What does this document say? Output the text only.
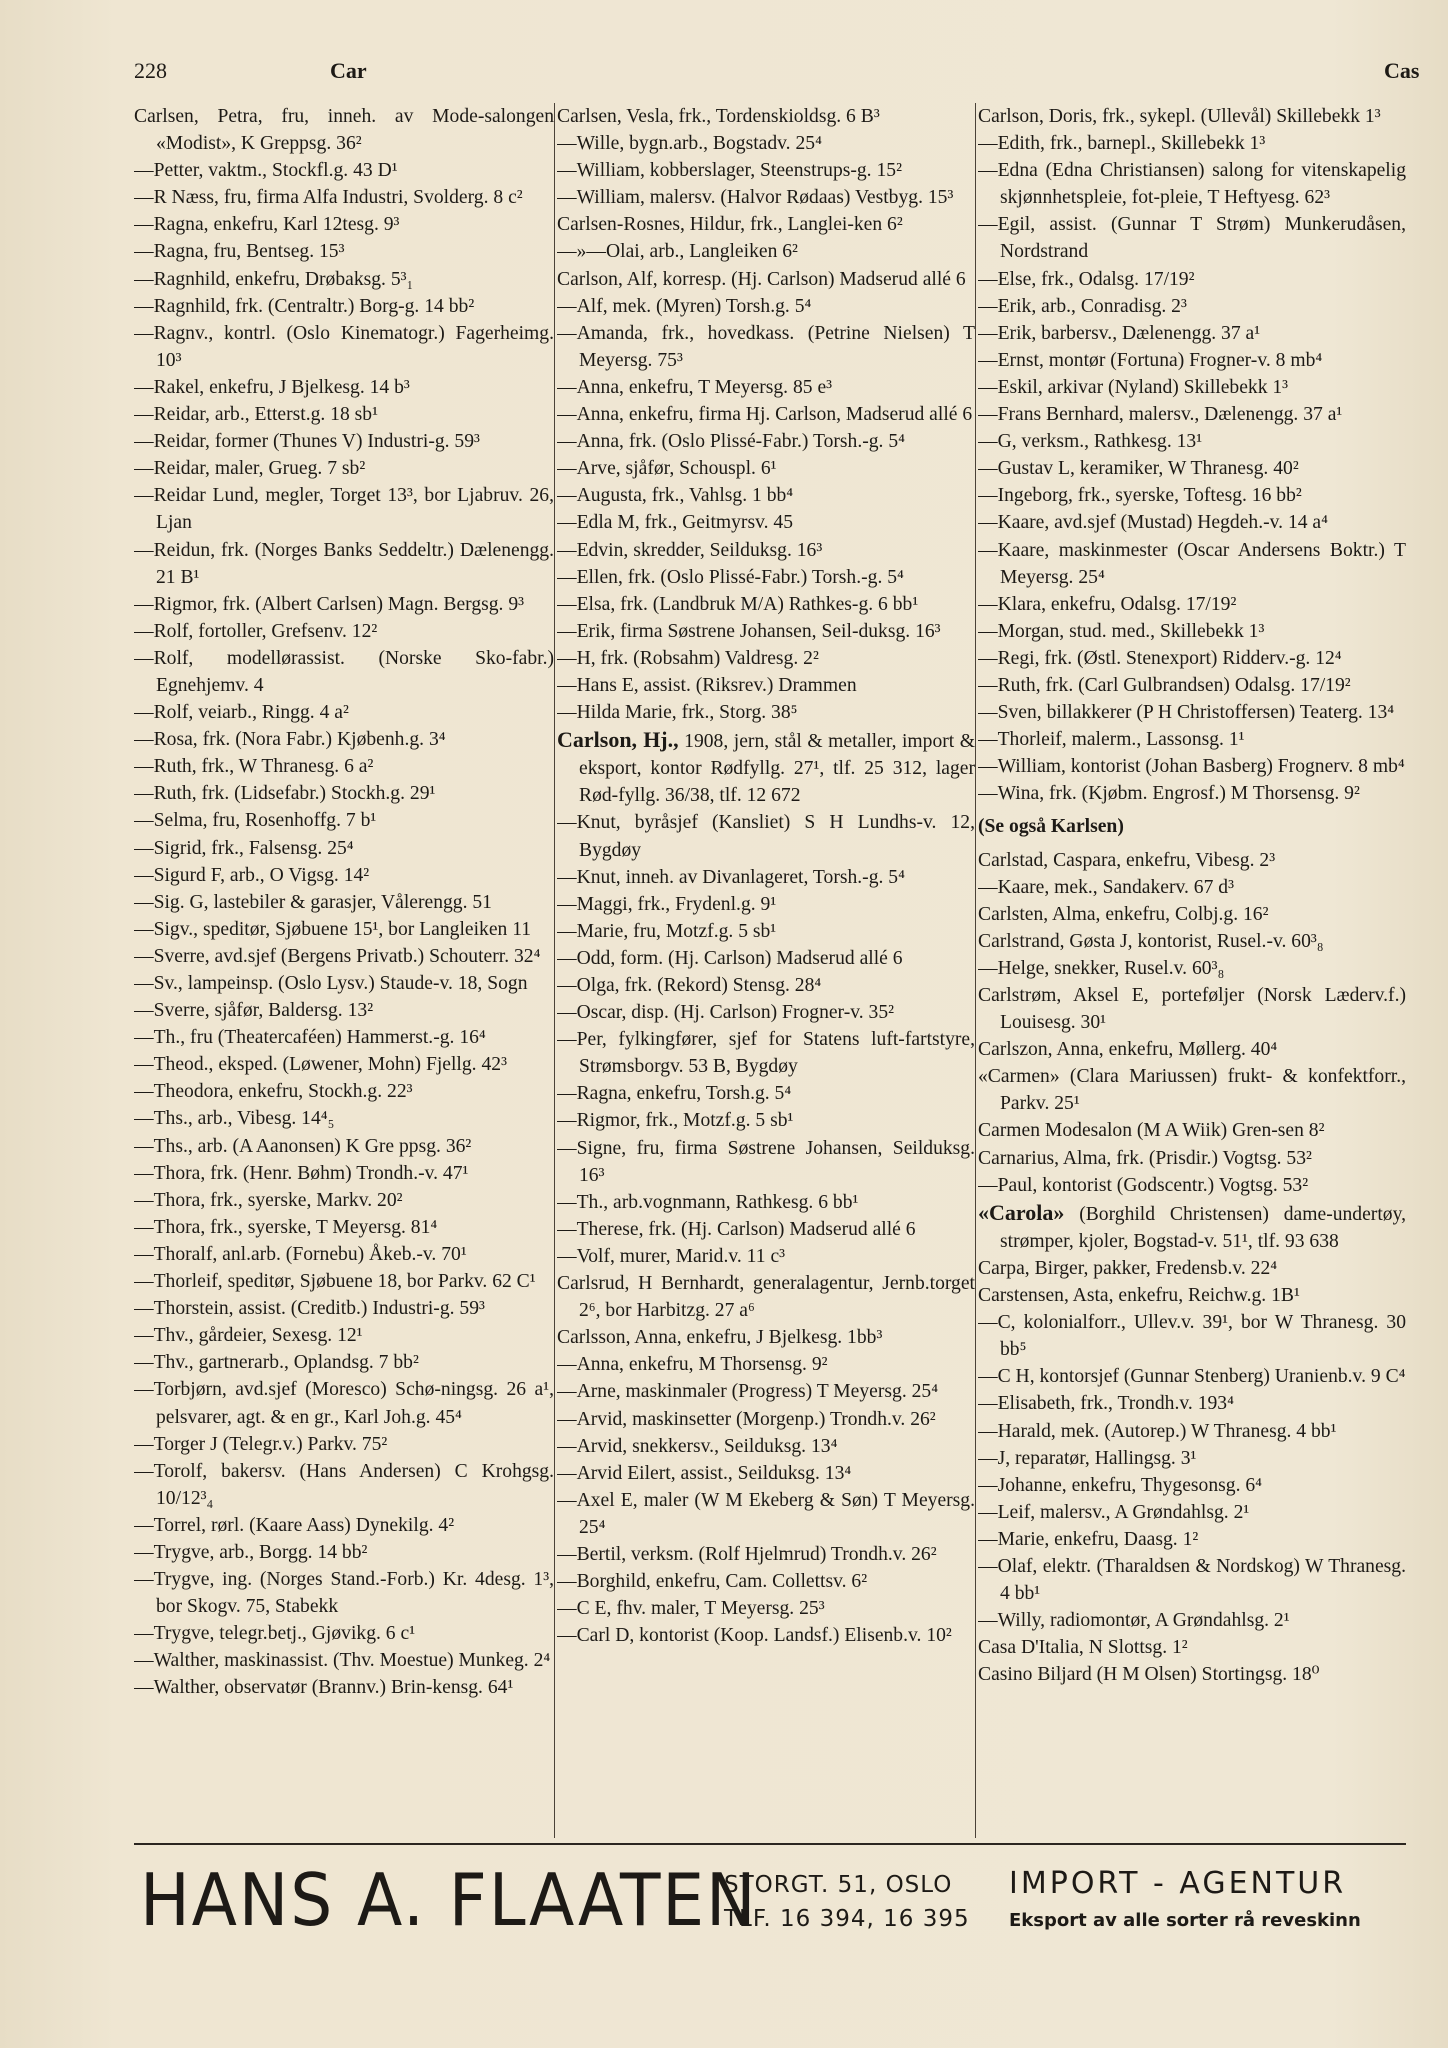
228	Car	Cas

Carlsen, Petra, fru, inneh. av Mode-salongen «Modist», K Greppsg. 36²

—Petter, vaktm., Stockfl.g. 43 D¹

—R Næss, fru, firma Alfa Industri, Svolderg. 8 c²

—Ragna, enkefru, Karl 12tesg. 9³

—Ragna, fru, Bentseg. 15³

—Ragnhild, enkefru, Drøbaksg. 5³₁

—Ragnhild, frk. (Centraltr.) Borg-g. 14 bb²

—Ragnv., kontrl. (Oslo Kinematogr.) Fagerheimg. 10³

—Rakel, enkefru, J Bjelkesg. 14 b³

—Reidar, arb., Etterst.g. 18 sb¹

—Reidar, former (Thunes V) Industri-g. 59³

—Reidar, maler, Grueg. 7 sb²

—Reidar Lund, megler, Torget 13³, bor Ljabruv. 26, Ljan

—Reidun, frk. (Norges Banks Seddeltr.) Dælenengg. 21 B¹

—Rigmor, frk. (Albert Carlsen) Magn. Bergsg. 9³

—Rolf, fortoller, Grefsenv. 12²

—Rolf, modellørassist. (Norske Sko-fabr.) Egnehjemv. 4

—Rolf, veiarb., Ringg. 4 a²

—Rosa, frk. (Nora Fabr.) Kjøbenh.g. 3⁴

—Ruth, frk., W Thranesg. 6 a²

—Ruth, frk. (Lidsefabr.) Stockh.g. 29¹

—Selma, fru, Rosenhoffg. 7 b¹

—Sigrid, frk., Falsensg. 25⁴

—Sigurd F, arb., O Vigsg. 14²

—Sig. G, lastebiler & garasjer, Vålerengg. 51

—Sigv., speditør, Sjøbuene 15¹, bor Langleiken 11

—Sverre, avd.sjef (Bergens Privatb.) Schouterr. 32⁴

—Sv., lampeinsp. (Oslo Lysv.) Staude-v. 18, Sogn

—Sverre, sjåfør, Baldersg. 13²

—Th., fru (Theatercaféen) Hammerst.-g. 16⁴

—Theod., eksped. (Løwener, Mohn) Fjellg. 42³

—Theodora, enkefru, Stockh.g. 22³

—Ths., arb., Vibesg. 14⁴₅

—Ths., arb. (A Aanonsen) K Gre ppsg. 36²

—Thora, frk. (Henr. Bøhm) Trondh.-v. 47¹

—Thora, frk., syerske, Markv. 20²

—Thora, frk., syerske, T Meyersg. 81⁴

—Thoralf, anl.arb. (Fornebu) Åkeb.-v. 70¹

—Thorleif, speditør, Sjøbuene 18, bor Parkv. 62 C¹

—Thorstein, assist. (Creditb.) Industri-g. 59³

—Thv., gårdeier, Sexesg. 12¹

—Thv., gartnerarb., Oplandsg. 7 bb²

—Torbjørn, avd.sjef (Moresco) Schø-ningsg. 26 a¹, pelsvarer, agt. & en gr., Karl Joh.g. 45⁴

—Torger J (Telegr.v.) Parkv. 75²

—Torolf, bakersv. (Hans Andersen) C Krohgsg. 10/12³₄

—Torrel, rørl. (Kaare Aass) Dynekilg. 4²

—Trygve, arb., Borgg. 14 bb²

—Trygve, ing. (Norges Stand.-Forb.) Kr. 4desg. 1³, bor Skogv. 75, Stabekk

—Trygve, telegr.betj., Gjøvikg. 6 c¹

—Walther, maskinassist. (Thv. Moestue) Munkeg. 2⁴

—Walther, observatør (Brannv.) Brin-kensg. 64¹

Carlsen, Vesla, frk., Tordenskioldsg. 6 B³

—Wille, bygn.arb., Bogstadv. 25⁴

—William, kobberslager, Steenstrups-g. 15²

—William, malersv. (Halvor Rødaas) Vestbyg. 15³

Carlsen-Rosnes, Hildur, frk., Langlei-ken 6²

—»—Olai, arb., Langleiken 6²

Carlson, Alf, korresp. (Hj. Carlson) Madserud allé 6

—Alf, mek. (Myren) Torsh.g. 5⁴

—Amanda, frk., hovedkass. (Petrine Nielsen) T Meyersg. 75³

—Anna, enkefru, T Meyersg. 85 e³

—Anna, enkefru, firma Hj. Carlson, Madserud allé 6

—Anna, frk. (Oslo Plissé-Fabr.) Torsh.-g. 5⁴

—Arve, sjåfør, Schouspl. 6¹

—Augusta, frk., Vahlsg. 1 bb⁴

—Edla M, frk., Geitmyrsv. 45

—Edvin, skredder, Seilduksg. 16³

—Ellen, frk. (Oslo Plissé-Fabr.) Torsh.-g. 5⁴

—Elsa, frk. (Landbruk M/A) Rathkes-g. 6 bb¹

—Erik, firma Søstrene Johansen, Seil-duksg. 16³

—H, frk. (Robsahm) Valdresg. 2²

—Hans E, assist. (Riksrev.) Drammen

—Hilda Marie, frk., Storg. 38⁵

Carlson, Hj., 1908, jern, stål & metaller, import & eksport, kontor Rødfyllg. 27¹, tlf. 25 312, lager Rød-fyllg. 36/38, tlf. 12 672

—Knut, byråsjef (Kansliet) S H Lundhs-v. 12, Bygdøy

—Knut, inneh. av Divanlageret, Torsh.-g. 5⁴

—Maggi, frk., Frydenl.g. 9¹

—Marie, fru, Motzf.g. 5 sb¹

—Odd, form. (Hj. Carlson) Madserud allé 6

—Olga, frk. (Rekord) Stensg. 28⁴

—Oscar, disp. (Hj. Carlson) Frogner-v. 35²

—Per, fylkingfører, sjef for Statens luft-fartstyre, Strømsborgv. 53 B, Bygdøy

—Ragna, enkefru, Torsh.g. 5⁴

—Rigmor, frk., Motzf.g. 5 sb¹

—Signe, fru, firma Søstrene Johansen, Seilduksg. 16³

—Th., arb.vognmann, Rathkesg. 6 bb¹

—Therese, frk. (Hj. Carlson) Madserud allé 6

—Volf, murer, Marid.v. 11 c³

Carlsrud, H Bernhardt, generalagentur, Jernb.torget 2⁶, bor Harbitzg. 27 a⁶

Carlsson, Anna, enkefru, J Bjelkesg. 1bb³

—Anna, enkefru, M Thorsensg. 9²

—Arne, maskinmaler (Progress) T Meyersg. 25⁴

—Arvid, maskinsetter (Morgenp.) Trondh.v. 26²

—Arvid, snekkersv., Seilduksg. 13⁴

—Arvid Eilert, assist., Seilduksg. 13⁴

—Axel E, maler (W M Ekeberg & Søn) T Meyersg. 25⁴

—Bertil, verksm. (Rolf Hjelmrud) Trondh.v. 26²

—Borghild, enkefru, Cam. Collettsv. 6²

—C E, fhv. maler, T Meyersg. 25³

—Carl D, kontorist (Koop. Landsf.) Elisenb.v. 10²

Carlson, Doris, frk., sykepl. (Ullevål) Skillebekk 1³

—Edith, frk., barnepl., Skillebekk 1³

—Edna (Edna Christiansen) salong for vitenskapelig skjønnhetspleie, fot-pleie, T Heftyesg. 62³

—Egil, assist. (Gunnar T Strøm) Munkerudåsen, Nordstrand

—Else, frk., Odalsg. 17/19²

—Erik, arb., Conradisg. 2³

—Erik, barbersv., Dælenengg. 37 a¹

—Ernst, montør (Fortuna) Frogner-v. 8 mb⁴

—Eskil, arkivar (Nyland) Skillebekk 1³

—Frans Bernhard, malersv., Dælenengg. 37 a¹

—G, verksm., Rathkesg. 13¹

—Gustav L, keramiker, W Thranesg. 40²

—Ingeborg, frk., syerske, Toftesg. 16 bb²

—Kaare, avd.sjef (Mustad) Hegdeh.-v. 14 a⁴

—Kaare, maskinmester (Oscar Andersens Boktr.) T Meyersg. 25⁴

—Klara, enkefru, Odalsg. 17/19²

—Morgan, stud. med., Skillebekk 1³

—Regi, frk. (Østl. Stenexport) Ridderv.-g. 12⁴

—Ruth, frk. (Carl Gulbrandsen) Odalsg. 17/19²

—Sven, billakkerer (P H Christoffersen) Teaterg. 13⁴

—Thorleif, malerm., Lassonsg. 1¹

—William, kontorist (Johan Basberg) Frognerv. 8 mb⁴

—Wina, frk. (Kjøbm. Engrosf.) M Thorsensg. 9²

(Se også Karlsen)

Carlstad, Caspara, enkefru, Vibesg. 2³

—Kaare, mek., Sandakerv. 67 d³

Carlsten, Alma, enkefru, Colbj.g. 16²

Carlstrand, Gøsta J, kontorist, Rusel.-v. 60³₈

—Helge, snekker, Rusel.v. 60³₈

Carlstrøm, Aksel E, porteføljer (Norsk Læderv.f.) Louisesg. 30¹

Carlszon, Anna, enkefru, Møllerg. 40⁴

«Carmen» (Clara Mariussen) frukt- & konfektforr., Parkv. 25¹

Carmen Modesalon (M A Wiik) Gren-sen 8²

Carnarius, Alma, frk. (Prisdir.) Vogtsg. 53²

—Paul, kontorist (Godscentr.) Vogtsg. 53²

«Carola» (Borghild Christensen) dame-undertøy, strømper, kjoler, Bogstad-v. 51¹, tlf. 93 638

Carpa, Birger, pakker, Fredensb.v. 22⁴

Carstensen, Asta, enkefru, Reichw.g. 1B¹

—C, kolonialforr., Ullev.v. 39¹, bor W Thranesg. 30 bb⁵

—C H, kontorsjef (Gunnar Stenberg) Uranienb.v. 9 C⁴

—Elisabeth, frk., Trondh.v. 193⁴

—Harald, mek. (Autorep.) W Thranesg. 4 bb¹

—J, reparatør, Hallingsg. 3¹

—Johanne, enkefru, Thygesonsg. 6⁴

—Leif, malersv., A Grøndahlsg. 2¹

—Marie, enkefru, Daasg. 1²

—Olaf, elektr. (Tharaldsen & Nordskog) W Thranesg. 4 bb¹

—Willy, radiomontør, A Grøndahlsg. 2¹

Casa D'Italia, N Slottsg. 1²

Casino Biljard (H M Olsen) Stortingsg. 18⁰

HANS A. FLAATEN
STORGT. 51, OSLO
TLF. 16 394, 16 395
IMPORT - AGENTUR
Eksport av alle sorter rå reveskinn
